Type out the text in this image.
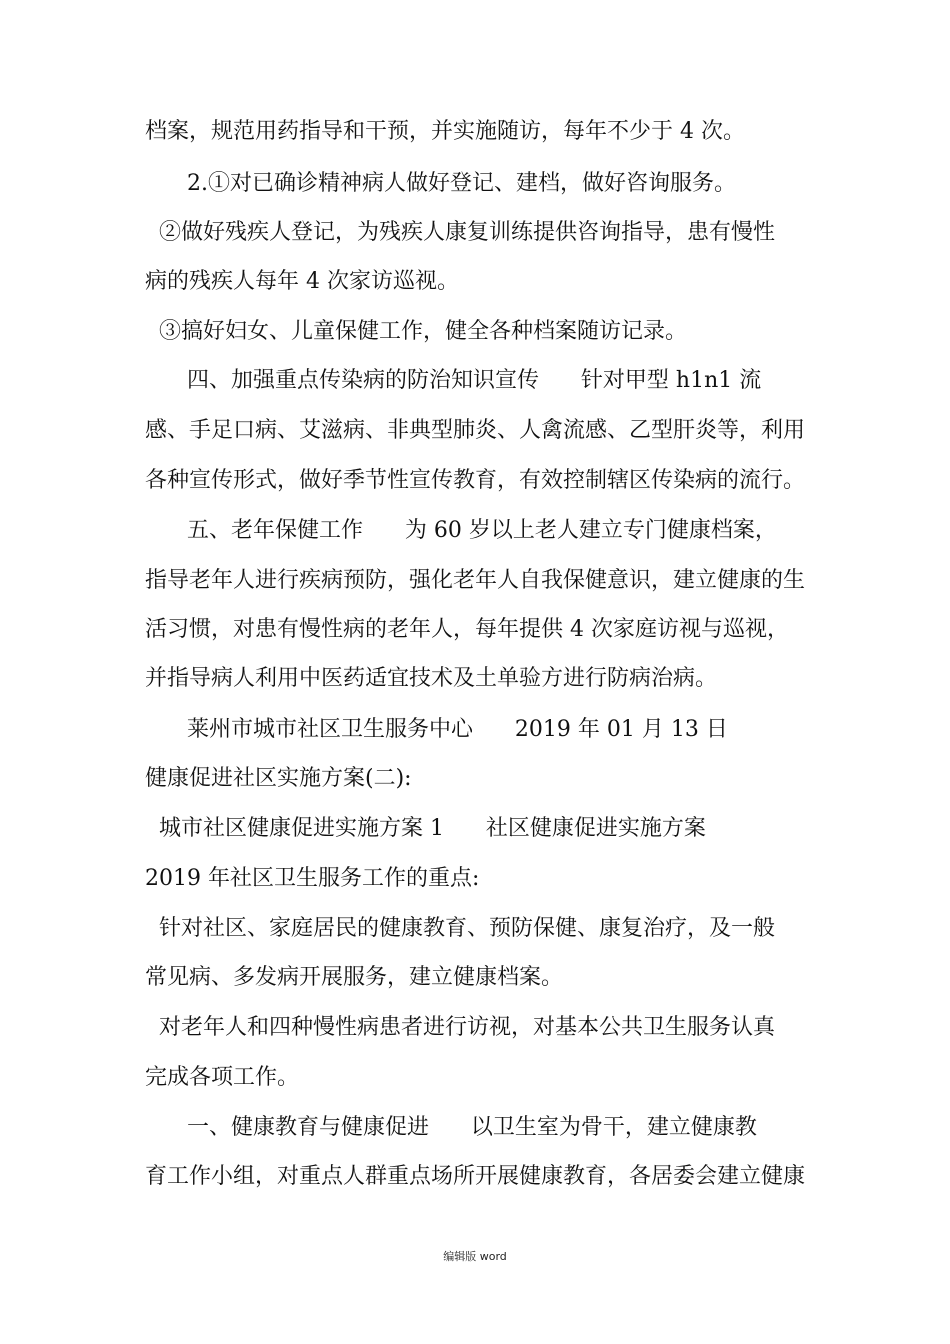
档案，规范用药指导和干预，并实施随访，每年不少于 4 次。
2.①对已确诊精神病人做好登记、建档，做好咨询服务。
②做好残疾人登记，为残疾人康复训练提供咨询指导，患有慢性
病的残疾人每年 4 次家访巡视。
③搞好妇女、儿童保健工作，健全各种档案随访记录。
四、加强重点传染病的防治知识宣传      针对甲型 h1n1 流
感、手足口病、艾滋病、非典型肺炎、人禽流感、乙型肝炎等，利用
各种宣传形式，做好季节性宣传教育，有效控制辖区传染病的流行。
五、老年保健工作      为 60 岁以上老人建立专门健康档案，
指导老年人进行疾病预防，强化老年人自我保健意识，建立健康的生
活习惯，对患有慢性病的老年人，每年提供 4 次家庭访视与巡视，
并指导病人利用中医药适宜技术及土单验方进行防病治病。
莱州市城市社区卫生服务中心      2019 年 01 月 13 日
健康促进社区实施方案(二):
城市社区健康促进实施方案 1      社区健康促进实施方案
2019 年社区卫生服务工作的重点:
针对社区、家庭居民的健康教育、预防保健、康复治疗，及一般
常见病、多发病开展服务，建立健康档案。
对老年人和四种慢性病患者进行访视，对基本公共卫生服务认真
完成各项工作。
一、健康教育与健康促进      以卫生室为骨干，建立健康教
育工作小组，对重点人群重点场所开展健康教育，各居委会建立健康
编辑版 word
